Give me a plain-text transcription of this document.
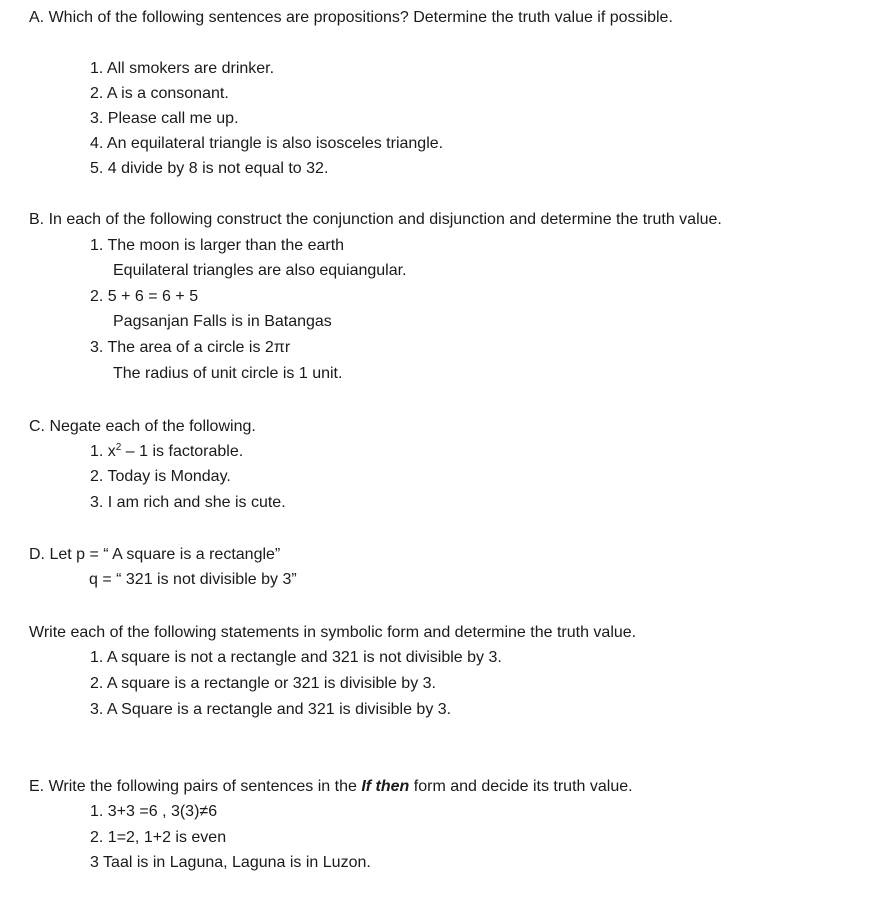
A. Which of the following sentences are propositions? Determine the truth value if possible.

1. All smokers are drinker.

2. A is a consonant.

3. Please call me up.

4. An equilateral triangle is also isosceles triangle.

5. 4 divide by 8 is not equal to 32.

B. In each of the following construct the conjunction and disjunction and determine the truth value.

1. The moon is larger than the earth

Equilateral triangles are also equiangular.

2. 5 + 6 = 6 + 5

Pagsanjan Falls is in Batangas

3. The area of a circle is 2πr

The radius of unit circle is 1 unit.

C. Negate each of the following.

1. $x^2 - 1$ is factorable.

2. Today is Monday.

3. I am rich and she is cute.

D. Let p = “ A square is a rectangle”

q = “ 321 is not divisible by 3”

Write each of the following statements in symbolic form and determine the truth value.

1. A square is not a rectangle and 321 is not divisible by 3.

2. A square is a rectangle or 321 is divisible by 3.

3. A Square is a rectangle and 321 is divisible by 3.

E. Write the following pairs of sentences in the If then form and decide its truth value.

1. 3+3 =6 , 3(3)≠6

2. 1=2, 1+2 is even

3 Taal is in Laguna, Laguna is in Luzon.
